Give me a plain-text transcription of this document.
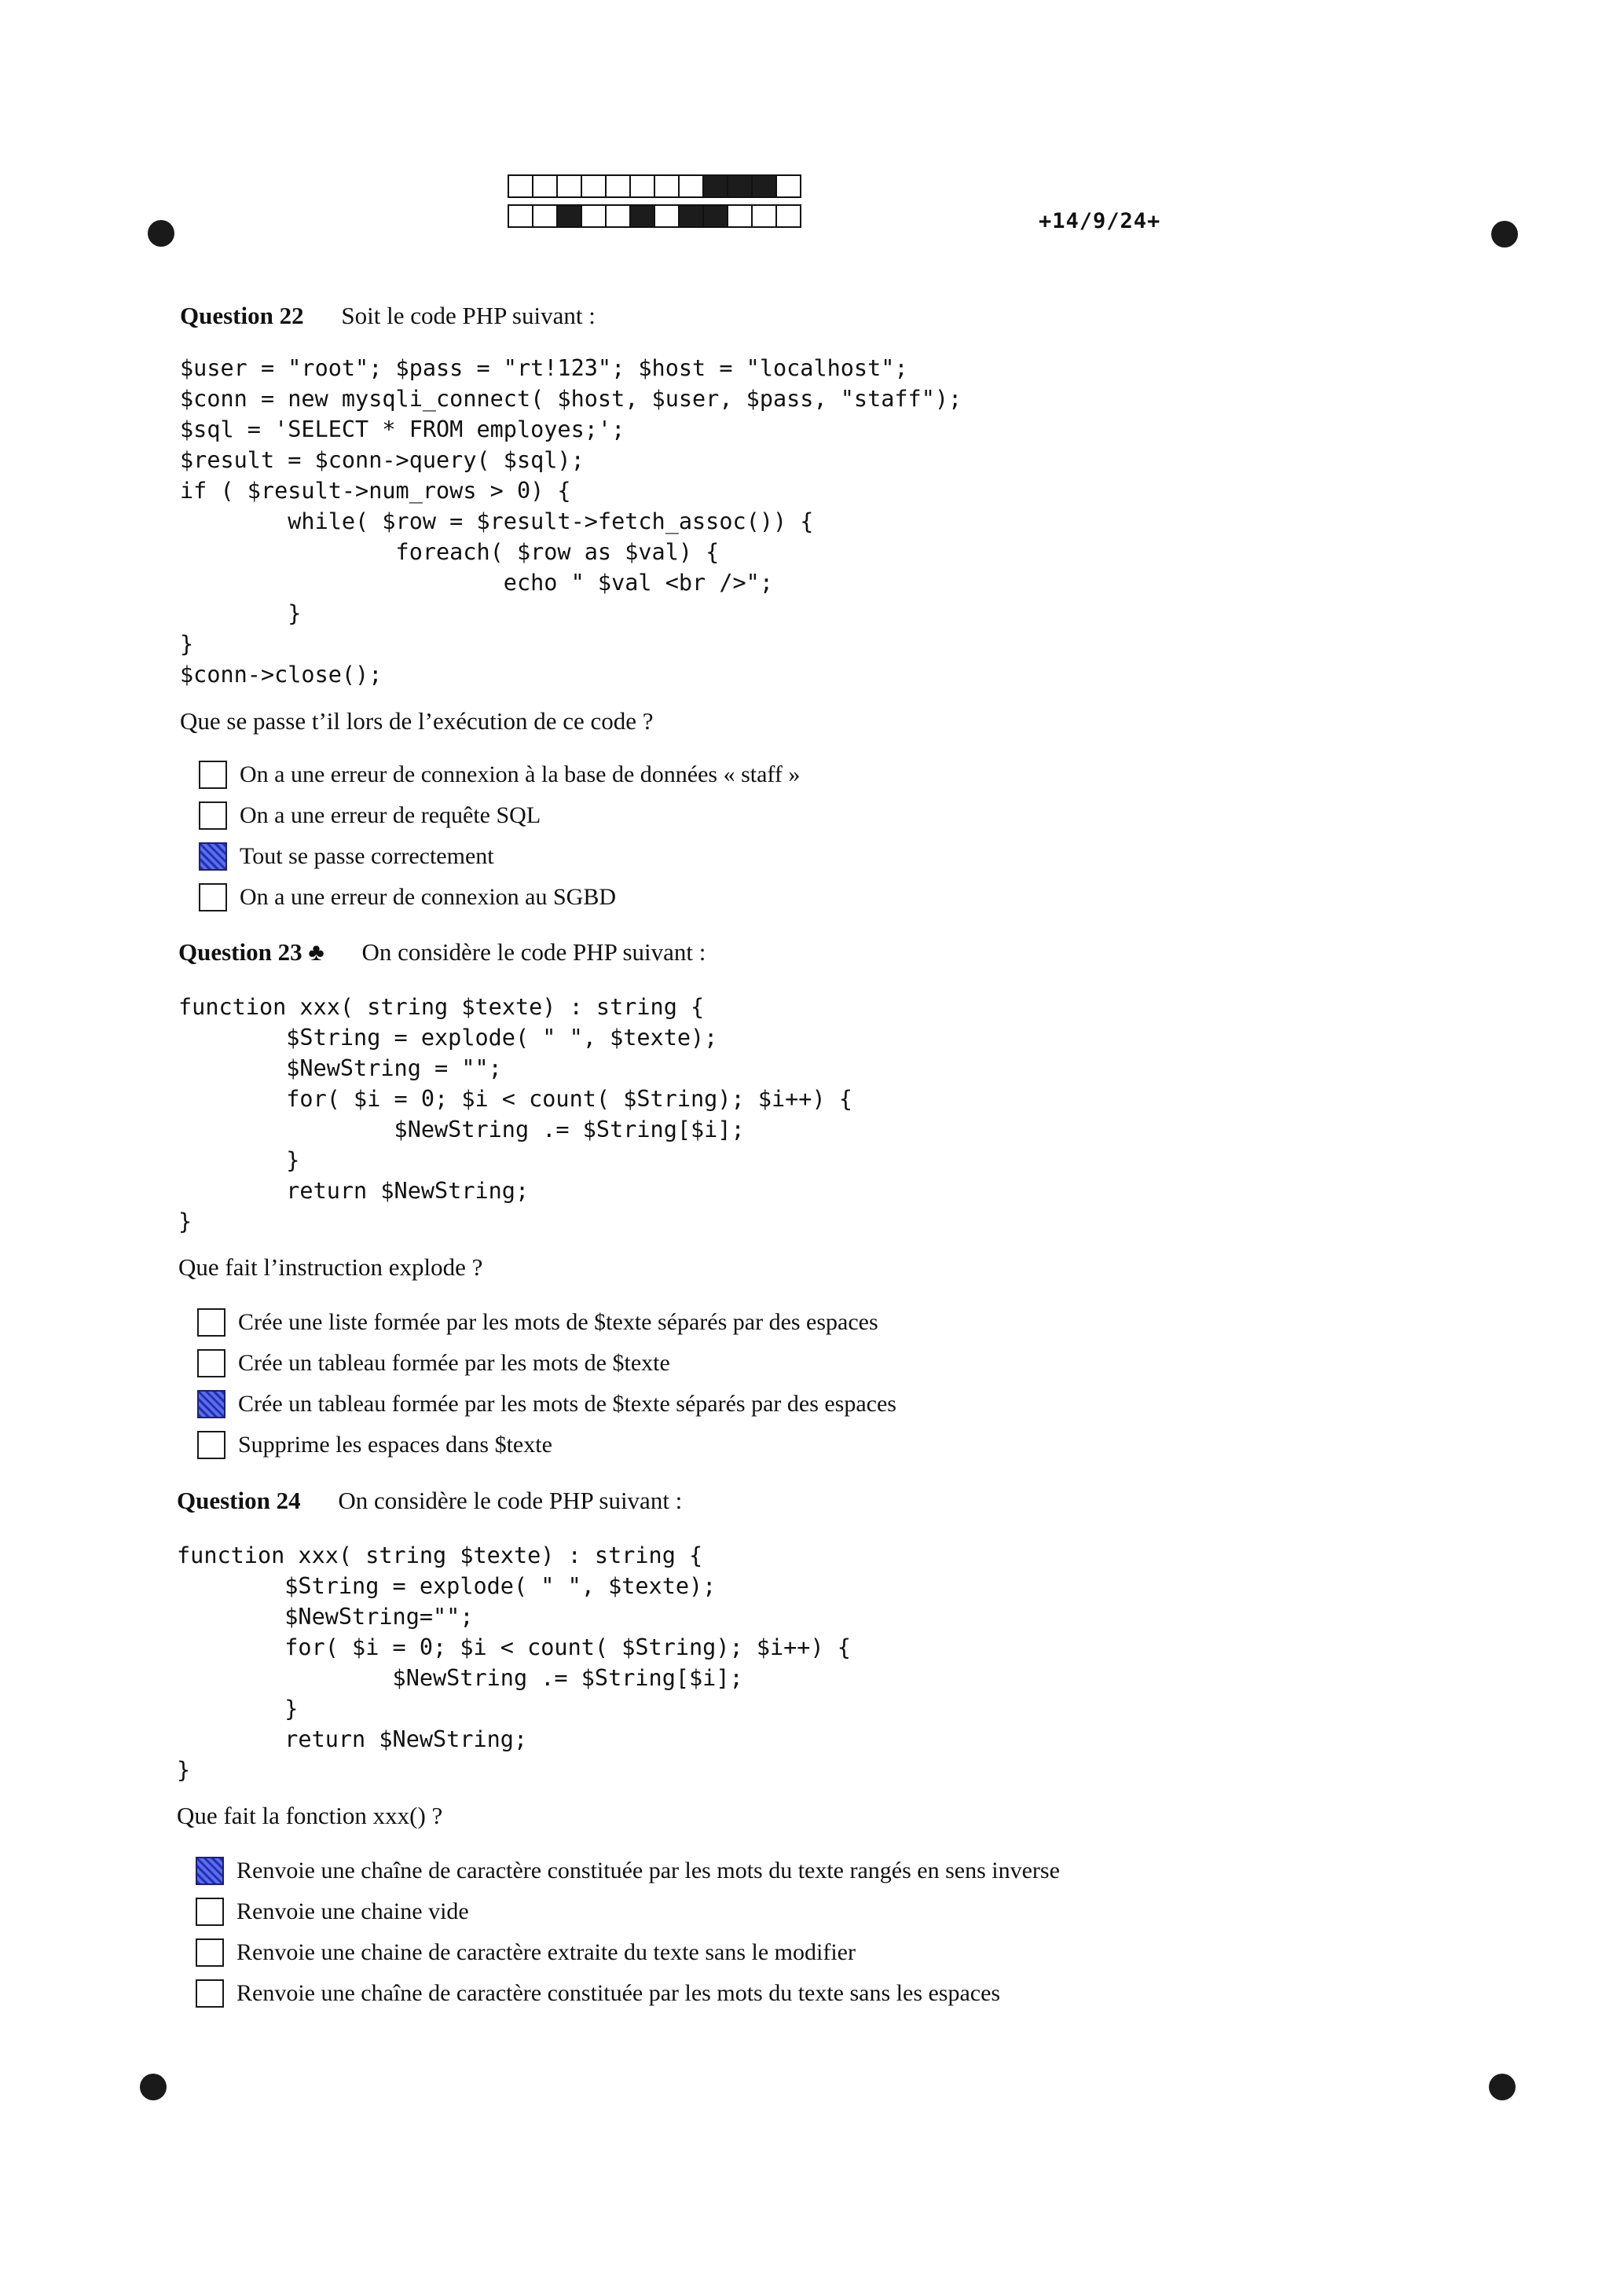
+14/9/24+
Question 22 Soit le code PHP suivant :
$user = "root"; $pass = "rt!123"; $host = "localhost";
$conn = new mysqli_connect( $host, $user, $pass, "staff");
$sql = 'SELECT * FROM employes;';
$result = $conn->query( $sql);
if ( $result->num_rows > 0) {
while( $row = $result->fetch_assoc()) {
foreach( $row as $val) {
echo " $val <br />";
}
}
$conn->close();
Que se passe t’il lors de l’exécution de ce code ?
On a une erreur de connexion à la base de données « staff »
On a une erreur de requête SQL
Tout se passe correctement
On a une erreur de connexion au SGBD
Question 23 ♣ On considère le code PHP suivant :
function xxx( string $texte) : string {
$String = explode( " ", $texte);
$NewString = "";
for( $i = 0; $i < count( $String); $i++) {
$NewString .= $String[$i];
}
return $NewString;
}
Que fait l’instruction explode ?
Crée une liste formée par les mots de $texte séparés par des espaces
Crée un tableau formée par les mots de $texte
Crée un tableau formée par les mots de $texte séparés par des espaces
Supprime les espaces dans $texte
Question 24 On considère le code PHP suivant :
function xxx( string $texte) : string {
$String = explode( " ", $texte);
$NewString="";
for( $i = 0; $i < count( $String); $i++) {
$NewString .= $String[$i];
}
return $NewString;
}
Que fait la fonction xxx() ?
Renvoie une chaîne de caractère constituée par les mots du texte rangés en sens inverse
Renvoie une chaine vide
Renvoie une chaine de caractère extraite du texte sans le modifier
Renvoie une chaîne de caractère constituée par les mots du texte sans les espaces
